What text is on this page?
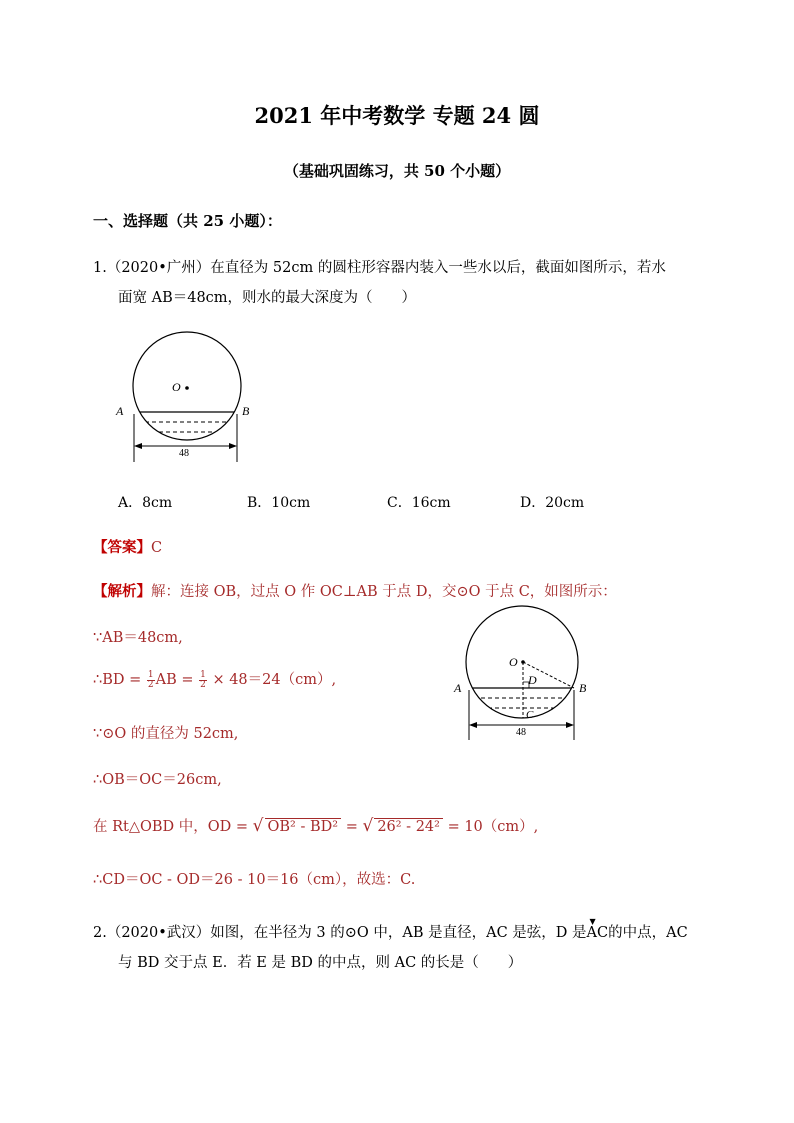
2021 年中考数学 专题 24 圆
（基础巩固练习，共 50 个小题）
一、选择题（共 25 小题）：
1.（2020•广州）在直径为 52cm 的圆柱形容器内装入一些水以后，截面如图所示，若水
面宽 AB＝48cm，则水的最大深度为（　　）
O
A	B
48
A．8cm	B．10cm	C．16cm	D．20cm
【答案】C
【解析】解：连接 OB，过点 O 作 OC⊥AB 于点 D，交⊙O 于点 C，如图所示：
∵AB＝48cm,
∴BD = $\frac{1}{2}$ AB = $\frac{1}{2} \times 48=24(cm)$,
∵⊙O 的直径为 52cm,
∴OB＝OC＝26cm,
在 Rt△OBD 中，OD = √ OB² - BD² = √ 26² - 24² = 10（cm）,
∴CD＝OC - OD＝26 - 10＝16（cm），故选：C.
O
D
C
A	B
48
2.（2020•武汉）如图，在半径为 3 的⊙O 中，AB 是直径，AC 是弦，D 是
▼
AC的中点，AC
与 BD 交于点 E．若 E 是 BD 的中点，则 AC 的长是（　　）
